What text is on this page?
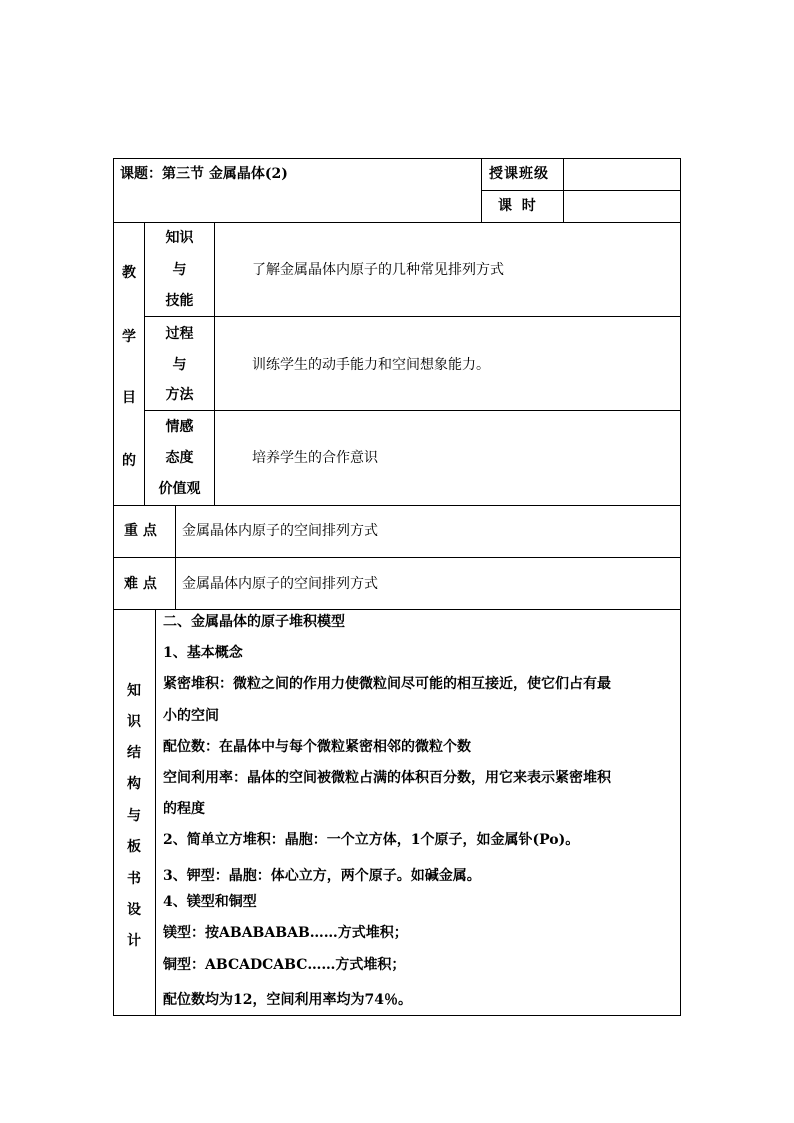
课题：第三节 金属晶体(2)	授课班级
课  时
教
学
目
的
知识
与
技能
了解金属晶体内原子的几种常见排列方式
过程
与
方法
训练学生的动手能力和空间想象能力。
情感
态度
价值观
培养学生的合作意识
重 点 金属晶体内原子的空间排列方式
难 点 金属晶体内原子的空间排列方式
知
识
结
构
与
板
书
设
计
二、金属晶体的原子堆积模型
1、基本概念
紧密堆积：微粒之间的作用力使微粒间尽可能的相互接近，使它们占有最
小的空间
配位数：在晶体中与每个微粒紧密相邻的微粒个数
空间利用率：晶体的空间被微粒占满的体积百分数，用它来表示紧密堆积
的程度
2、简单立方堆积：晶胞：一个立方体，1个原子，如金属钋(Po)。
3、钾型：晶胞：体心立方，两个原子。如碱金属。
4、镁型和铜型
镁型：按ABABABAB……方式堆积；
铜型：ABCADCABC……方式堆积；
配位数均为12，空间利用率均为74％。
